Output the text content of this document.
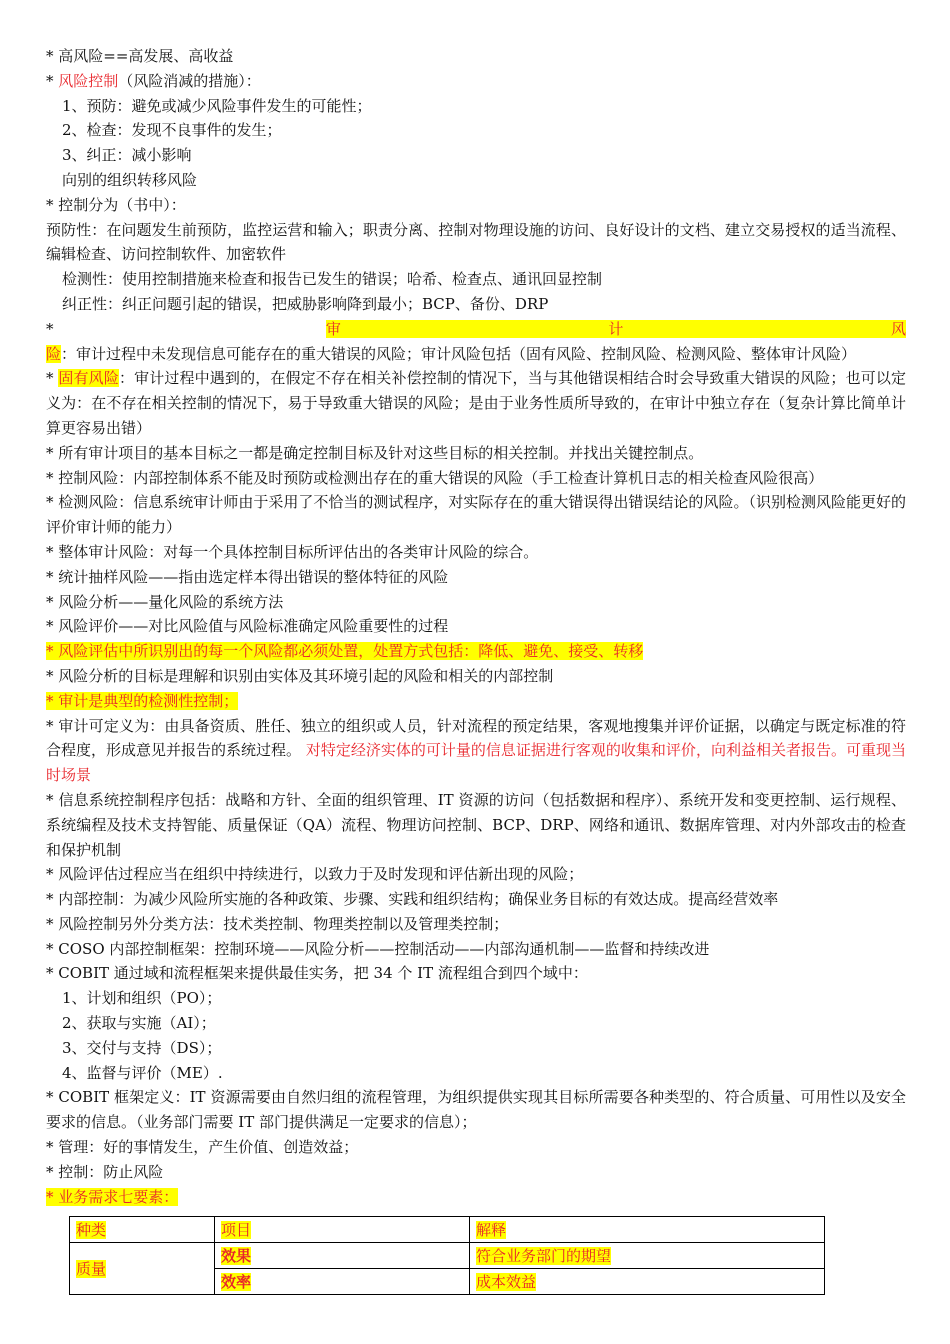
* 高风险==高发展、高收益
* 风险控制（风险消减的措施）：
1、预防：避免或减少风险事件发生的可能性；
2、检查：发现不良事件的发生；
3、纠正：减小影响
向别的组织转移风险
* 控制分为（书中）：
预防性：在问题发生前预防，监控运营和输入；职责分离、控制对物理设施的访问、良好设计的文档、建立交易授权的适当流程、编辑检查、访问控制软件、加密软件
检测性：使用控制措施来检查和报告已发生的错误；哈希、检查点、通讯回显控制
纠正性：纠正问题引起的错误，把威胁影响降到最小；BCP、备份、DRP
* 审计风险：审计过程中未发现信息可能存在的重大错误的风险；审计风险包括（固有风险、控制风险、检测风险、整体审计风险）
* 固有风险：审计过程中遇到的，在假定不存在相关补偿控制的情况下，当与其他错误相结合时会导致重大错误的风险；也可以定义为：在不存在相关控制的情况下，易于导致重大错误的风险；是由于业务性质所导致的，在审计中独立存在（复杂计算比简单计算更容易出错）
* 所有审计项目的基本目标之一都是确定控制目标及针对这些目标的相关控制。并找出关键控制点。
* 控制风险：内部控制体系不能及时预防或检测出存在的重大错误的风险（手工检查计算机日志的相关检查风险很高）
* 检测风险：信息系统审计师由于采用了不恰当的测试程序，对实际存在的重大错误得出错误结论的风险。（识别检测风险能更好的评价审计师的能力）
* 整体审计风险：对每一个具体控制目标所评估出的各类审计风险的综合。
* 统计抽样风险——指由选定样本得出错误的整体特征的风险
* 风险分析——量化风险的系统方法
* 风险评价——对比风险值与风险标准确定风险重要性的过程
* 风险评估中所识别出的每一个风险都必须处置，处置方式包括：降低、避免、接受、转移
* 风险分析的目标是理解和识别由实体及其环境引起的风险和相关的内部控制
* 审计是典型的检测性控制；
* 审计可定义为：由具备资质、胜任、独立的组织或人员，针对流程的预定结果，客观地搜集并评价证据，以确定与既定标准的符合程度，形成意见并报告的系统过程。 对特定经济实体的可计量的信息证据进行客观的收集和评价，向利益相关者报告。可重现当时场景
* 信息系统控制程序包括：战略和方针、全面的组织管理、IT 资源的访问（包括数据和程序）、系统开发和变更控制、运行规程、系统编程及技术支持智能、质量保证（QA）流程、物理访问控制、BCP、DRP、网络和通讯、数据库管理、对内外部攻击的检查和保护机制
* 风险评估过程应当在组织中持续进行，以致力于及时发现和评估新出现的风险；
* 内部控制：为减少风险所实施的各种政策、步骤、实践和组织结构；确保业务目标的有效达成。提高经营效率
* 风险控制另外分类方法：技术类控制、物理类控制以及管理类控制；
* COSO 内部控制框架：控制环境——风险分析——控制活动——内部沟通机制——监督和持续改进
* COBIT 通过域和流程框架来提供最佳实务，把 34 个 IT 流程组合到四个域中：
1、计划和组织（PO）；
2、获取与实施（AI）；
3、交付与支持（DS）；
4、监督与评价（ME）.
* COBIT 框架定义：IT 资源需要由自然归组的流程管理，为组织提供实现其目标所需要各种类型的、符合质量、可用性以及安全要求的信息。（业务部门需要 IT 部门提供满足一定要求的信息）；
* 管理：好的事情发生，产生价值、创造效益；
* 控制：防止风险
* 业务需求七要素：
种类	项目	解释
质量	效果	符合业务部门的期望
	效率	成本效益
